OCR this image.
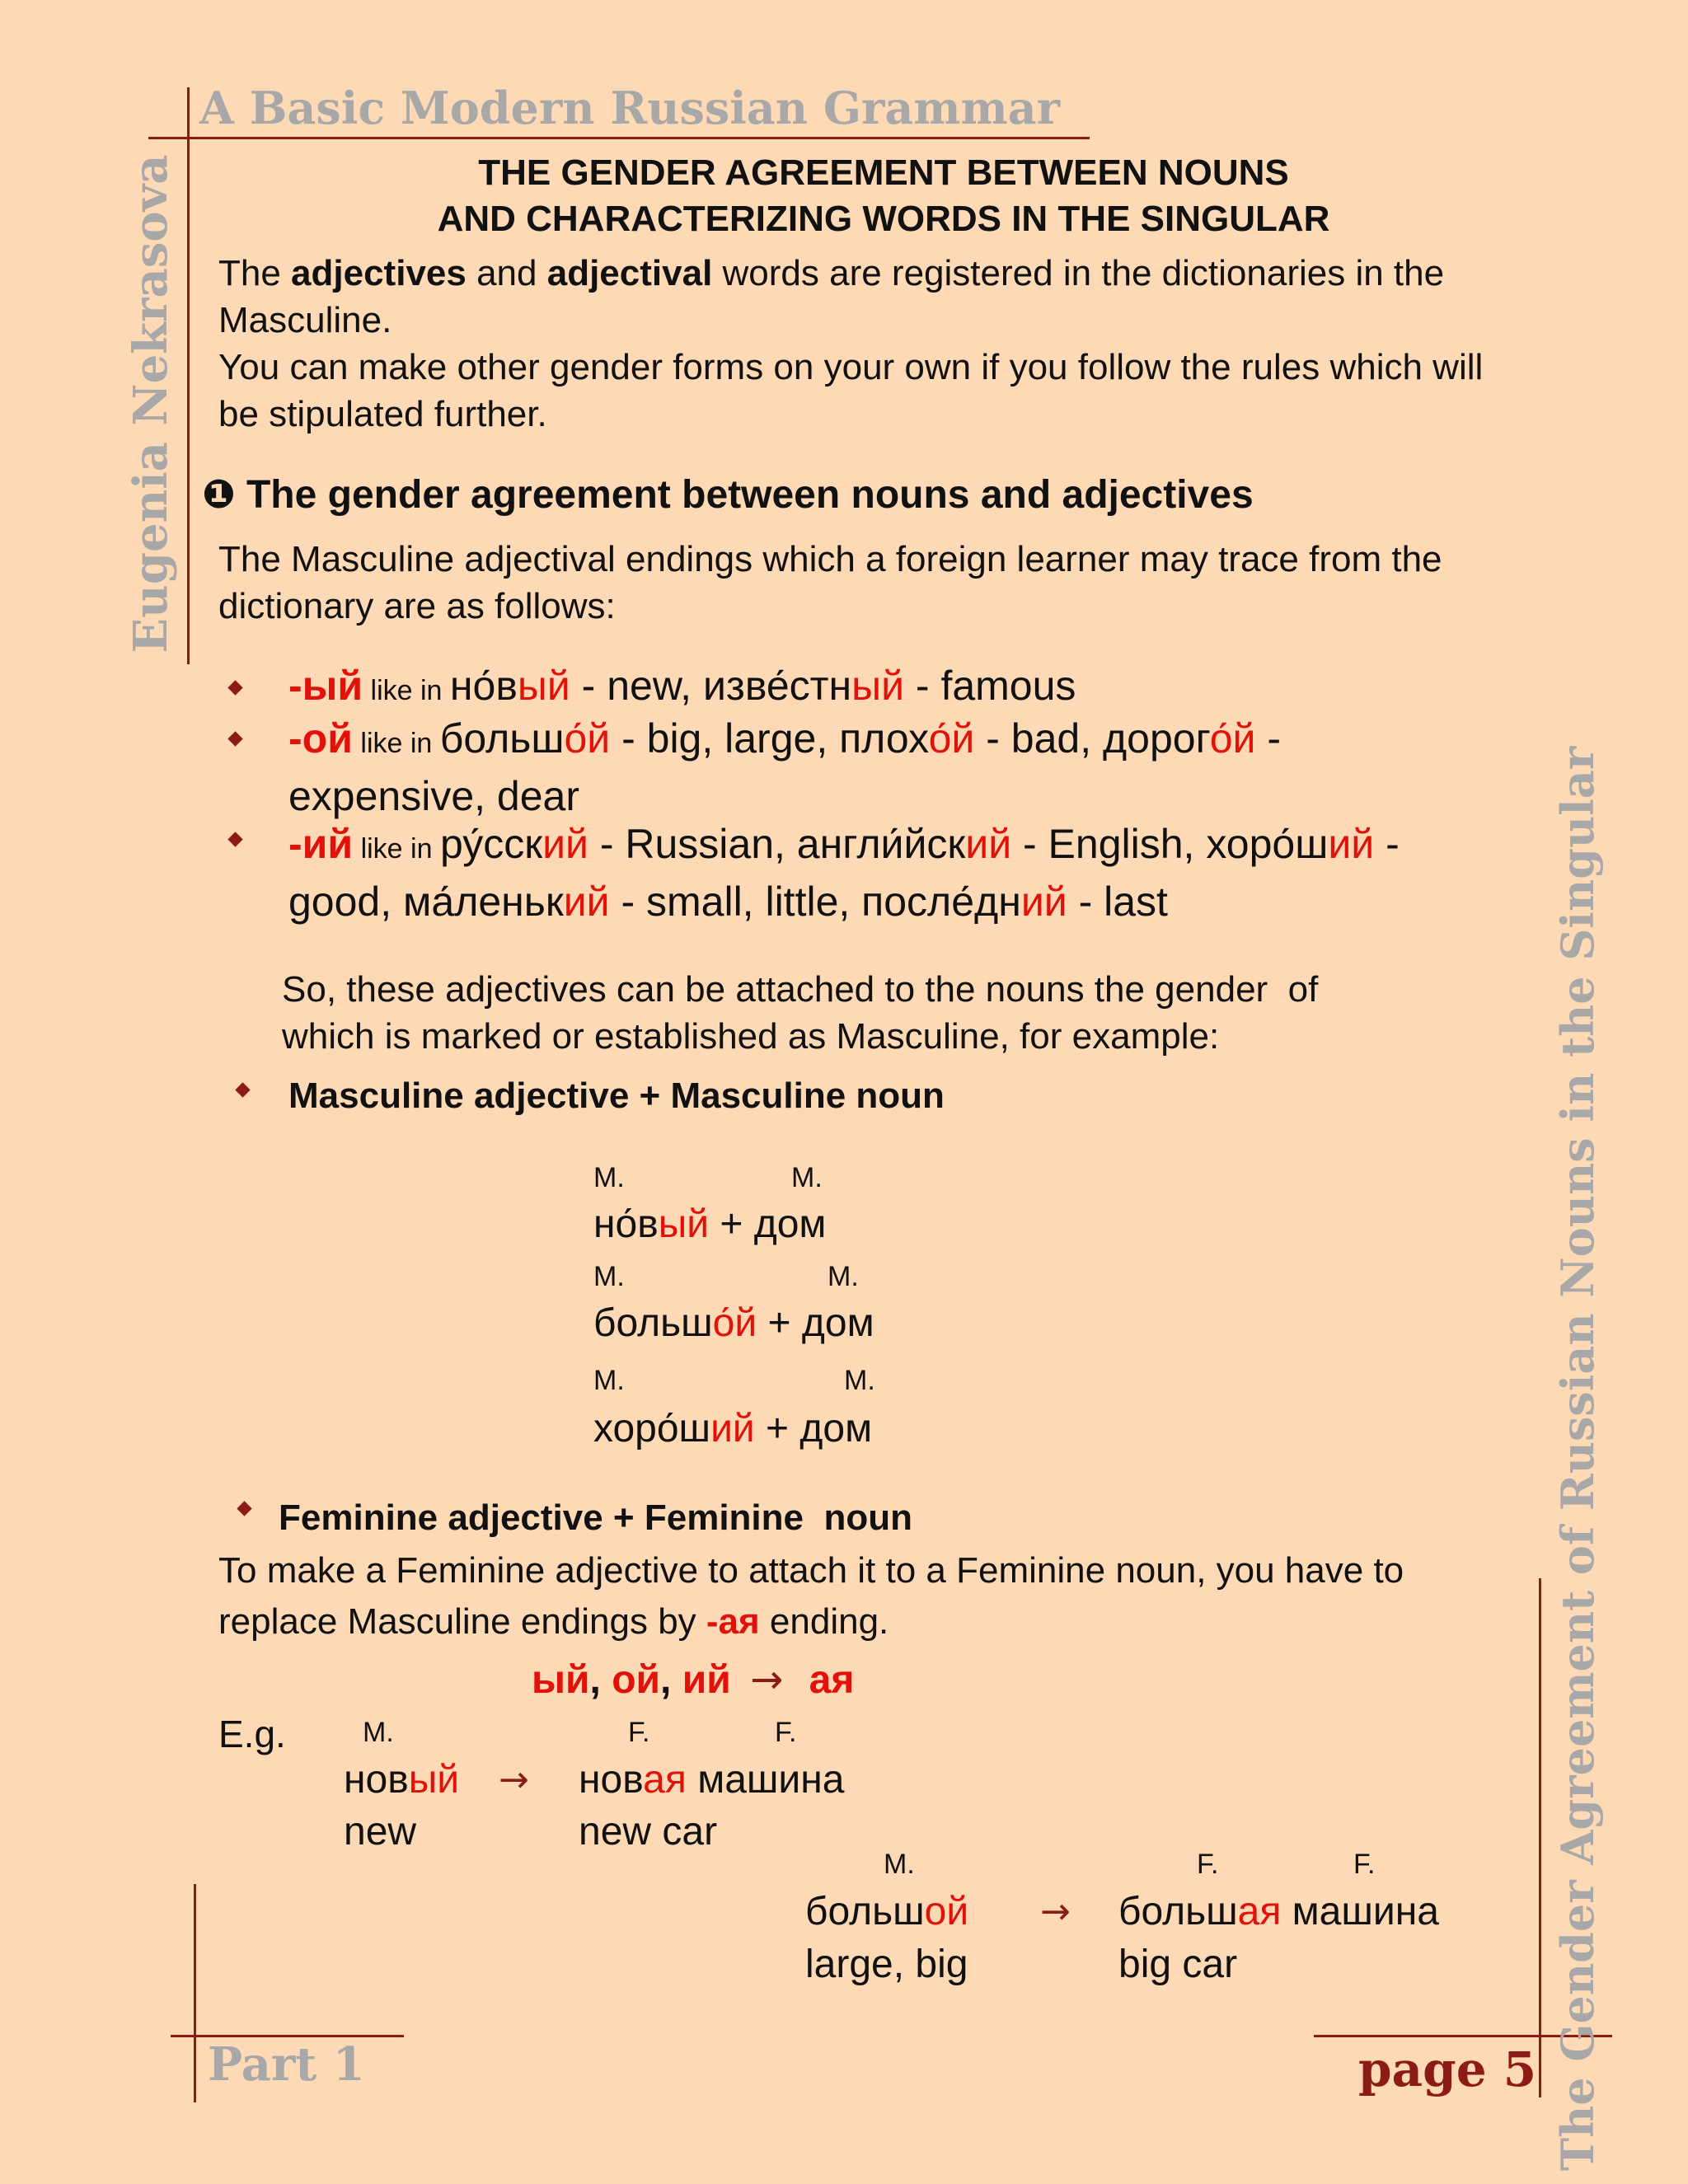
A Basic Modern Russian Grammar
Eugenia Nekrasova
The Gender Agreement of Russian Nouns in the Singular
Part 1	page 5
THE GENDER AGREEMENT BETWEEN NOUNS
AND CHARACTERIZING WORDS IN THE SINGULAR
The adjectives and adjectival words are registered in the dictionaries in the
Masculine.
You can make other gender forms on your own if you follow the rules which will
be stipulated further.
❶ The gender agreement between nouns and adjectives
The Masculine adjectival endings which a foreign learner may trace from the
dictionary are as follows:
-ый like in но́вый - new, изве́стный - famous
-ой like in большо́й - big, large, плохо́й - bad, дорого́й -
expensive, dear
-ий like in ру́сский - Russian, англи́йский - English, хоро́ший -
good, ма́ленький - small, little, после́дний - last
So, these adjectives can be attached to the nouns the gender  of
which is marked or established as Masculine, for example:
Masculine adjective + Masculine noun
M.	M.
но́вый + дом
M.	M.
большо́й + дом
M.	M.
хоро́ший + дом
Feminine adjective + Feminine  noun
To make a Feminine adjective to attach it to a Feminine noun, you have to
replace Masculine endings by -ая ending.
ый, ой, ий → ая
E.g.	M.	F.	F.
новый → новая машина
new	new car
M.	F.	F.
большой → большая машина
large, big	big car
